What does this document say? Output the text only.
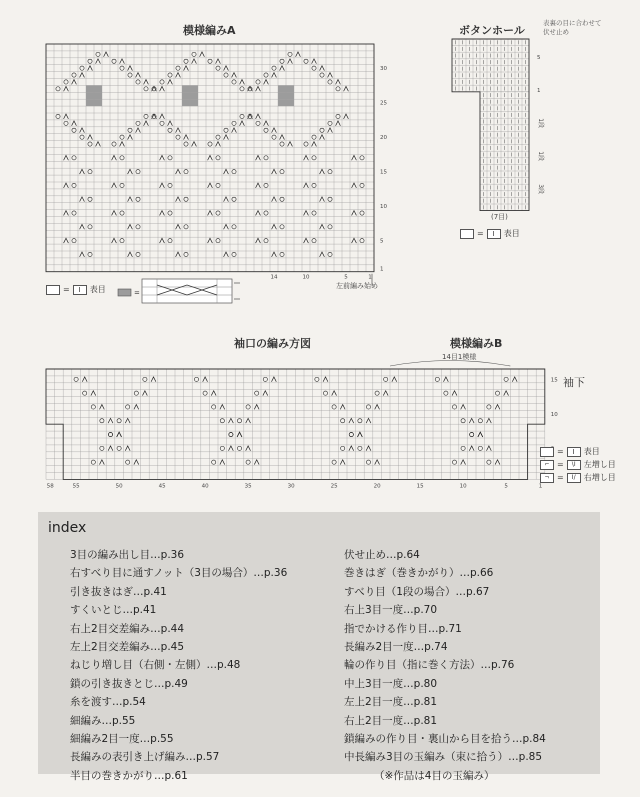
模様編みA
30
25
20
15
10
5
1
14	10	5	1
左前編み始め
=	I	表目	=
ボタンホール
表裏の目に合わせて
伏せ止め
5
1
1段
1段
3段
(7目)
=	I	表目
袖口の編み方図	模様編みB
14目1模様
袖下
15
10
58	55	50	45	40	35	30	25	20	15	10	5	1
=	I	表目
⌐ =	\I	左増し目
¬ =	I/	右増し目
index
3目の編み出し目…p.36
右すべり目に通すノット（3目の場合）…p.36
引き抜きはぎ…p.41
すくいとじ…p.41
右上2目交差編み…p.44
左上2目交差編み…p.45
ねじり増し目（右側・左側）…p.48
鎖の引き抜きとじ…p.49
糸を渡す…p.54
細編み…p.55
細編み2目一度…p.55
長編みの表引き上げ編み…p.57
半目の巻きかがり…p.61
伏せ止め…p.64
巻きはぎ（巻きかがり）…p.66
すべり目（1段の場合）…p.67
右上3目一度…p.70
指でかける作り目…p.71
長編み2目一度…p.74
輪の作り目（指に巻く方法）…p.76
中上3目一度…p.80
左上2目一度…p.81
右上2目一度…p.81
鎖編みの作り目・裏山から目を拾う…p.84
中長編み3目の玉編み（束に拾う）…p.85
（※作品は4目の玉編み）
